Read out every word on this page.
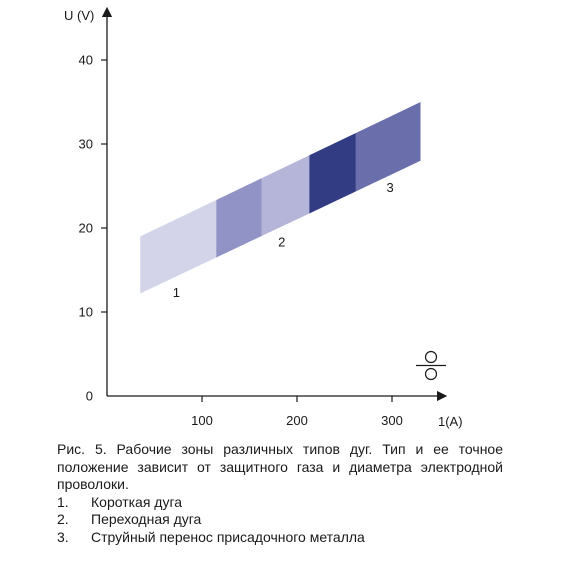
0
10
20
30
40
100	200	300
U (V)
1(A)
1
2
3

Рис. 5. Рабочие зоны различных типов дуг. Тип и ее точное положение зависит от защитного газа и диаметра электродной проволоки.

1.	Короткая дуга
2.	Переходная дуга
3.	Струйный перенос присадочного металла
